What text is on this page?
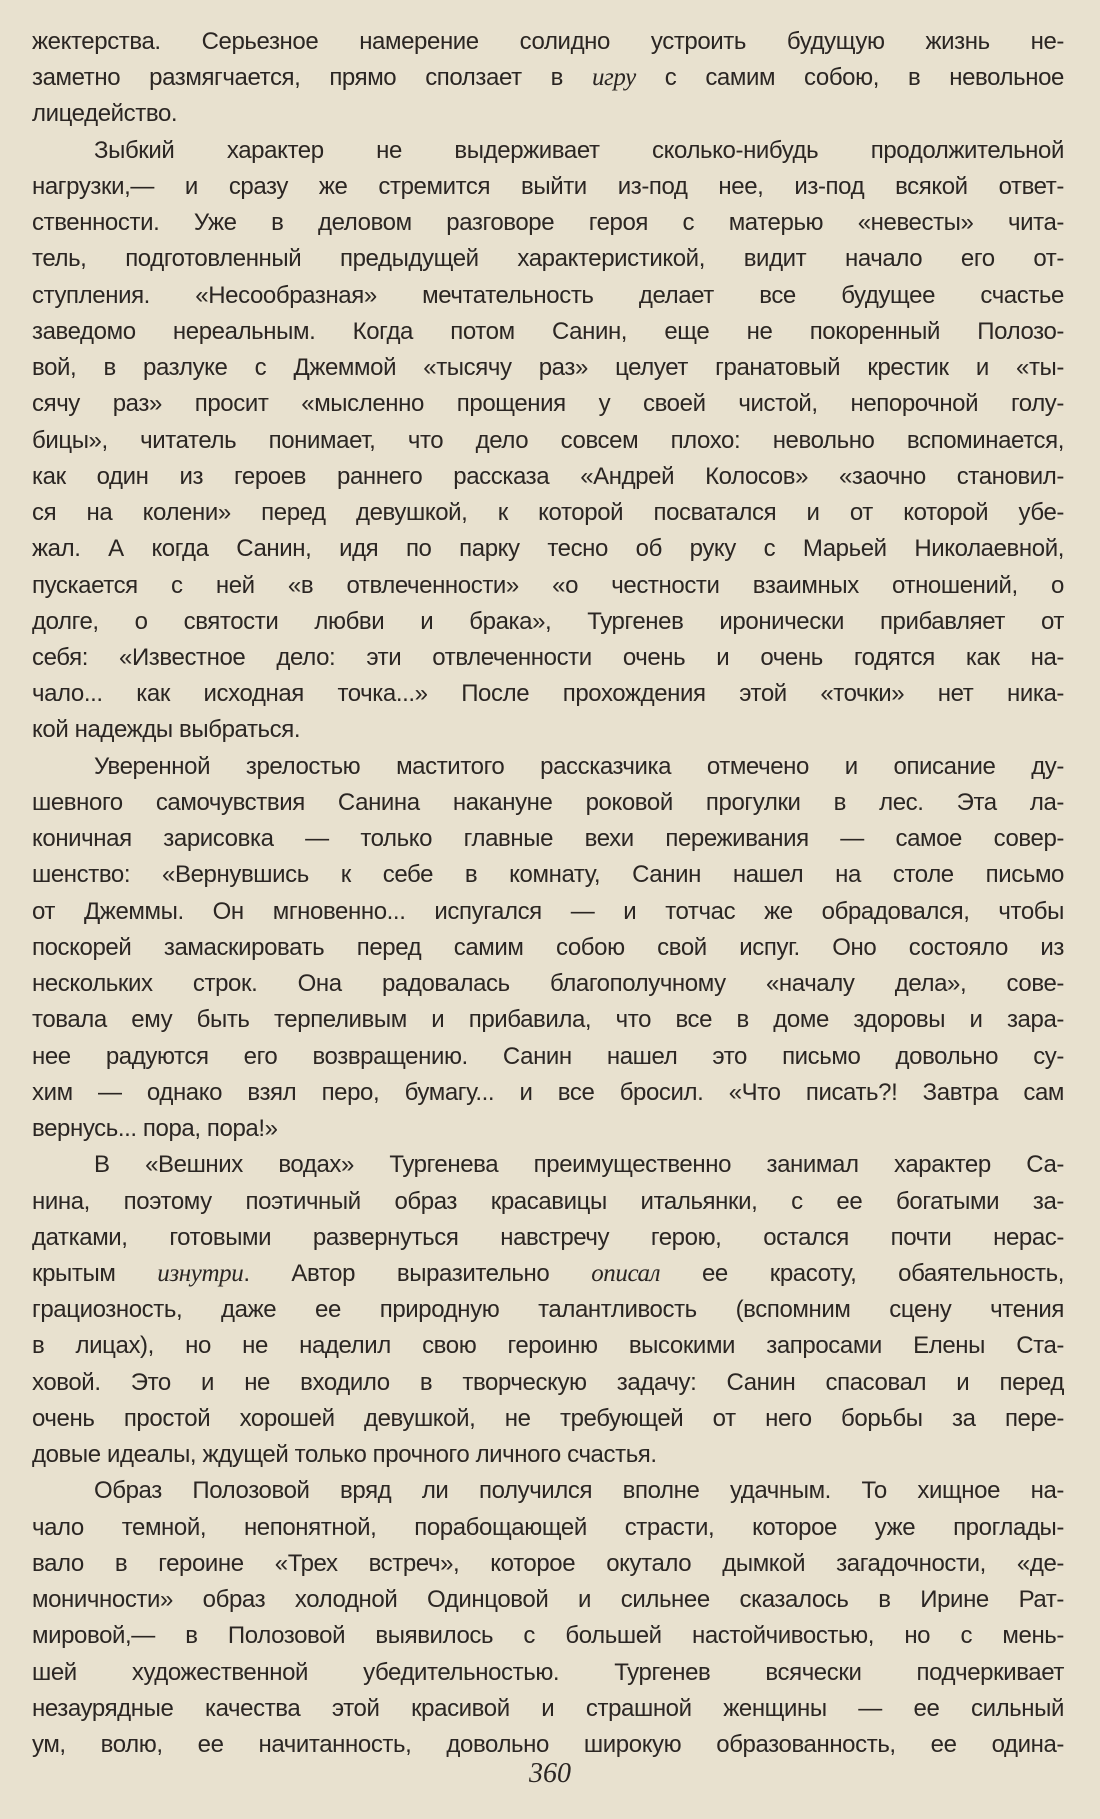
жектерства. Серьезное намерение солидно устроить будущую жизнь не-
заметно размягчается, прямо сползает в игру с самим собою, в невольное
лицедейство.
Зыбкий характер не выдерживает сколько-нибудь продолжительной
нагрузки,— и сразу же стремится выйти из-под нее, из-под всякой ответ-
ственности. Уже в деловом разговоре героя с матерью «невесты» чита-
тель, подготовленный предыдущей характеристикой, видит начало его от-
ступления. «Несообразная» мечтательность делает все будущее счастье
заведомо нереальным. Когда потом Санин, еще не покоренный Полозо-
вой, в разлуке с Джеммой «тысячу раз» целует гранатовый крестик и «ты-
сячу раз» просит «мысленно прощения у своей чистой, непорочной голу-
бицы», читатель понимает, что дело совсем плохо: невольно вспоминается,
как один из героев раннего рассказа «Андрей Колосов» «заочно становил-
ся на колени» перед девушкой, к которой посватался и от которой убе-
жал. А когда Санин, идя по парку тесно об руку с Марьей Николаевной,
пускается с ней «в отвлеченности» «о честности взаимных отношений, о
долге, о святости любви и брака», Тургенев иронически прибавляет от
себя: «Известное дело: эти отвлеченности очень и очень годятся как на-
чало... как исходная точка...» После прохождения этой «точки» нет ника-
кой надежды выбраться.
Уверенной зрелостью маститого рассказчика отмечено и описание ду-
шевного самочувствия Санина накануне роковой прогулки в лес. Эта ла-
коничная зарисовка — только главные вехи переживания — самое совер-
шенство: «Вернувшись к себе в комнату, Санин нашел на столе письмо
от Джеммы. Он мгновенно... испугался — и тотчас же обрадовался, чтобы
поскорей замаскировать перед самим собою свой испуг. Оно состояло из
нескольких строк. Она радовалась благополучному «началу дела», сове-
товала ему быть терпеливым и прибавила, что все в доме здоровы и зара-
нее радуются его возвращению. Санин нашел это письмо довольно су-
хим — однако взял перо, бумагу... и все бросил. «Что писать?! Завтра сам
вернусь... пора, пора!»
В «Вешних водах» Тургенева преимущественно занимал характер Са-
нина, поэтому поэтичный образ красавицы итальянки, с ее богатыми за-
датками, готовыми развернуться навстречу герою, остался почти нерас-
крытым изнутри. Автор выразительно описал ее красоту, обаятельность,
грациозность, даже ее природную талантливость (вспомним сцену чтения
в лицах), но не наделил свою героиню высокими запросами Елены Ста-
ховой. Это и не входило в творческую задачу: Санин спасовал и перед
очень простой хорошей девушкой, не требующей от него борьбы за пере-
довые идеалы, ждущей только прочного личного счастья.
Образ Полозовой вряд ли получился вполне удачным. То хищное на-
чало темной, непонятной, порабощающей страсти, которое уже проглады-
вало в героине «Трех встреч», которое окутало дымкой загадочности, «де-
моничности» образ холодной Одинцовой и сильнее сказалось в Ирине Рат-
мировой,— в Полозовой выявилось с большей настойчивостью, но с мень-
шей художественной убедительностью. Тургенев всячески подчеркивает
незаурядные качества этой красивой и страшной женщины — ее сильный
ум, волю, ее начитанность, довольно широкую образованность, ее одина-
360
